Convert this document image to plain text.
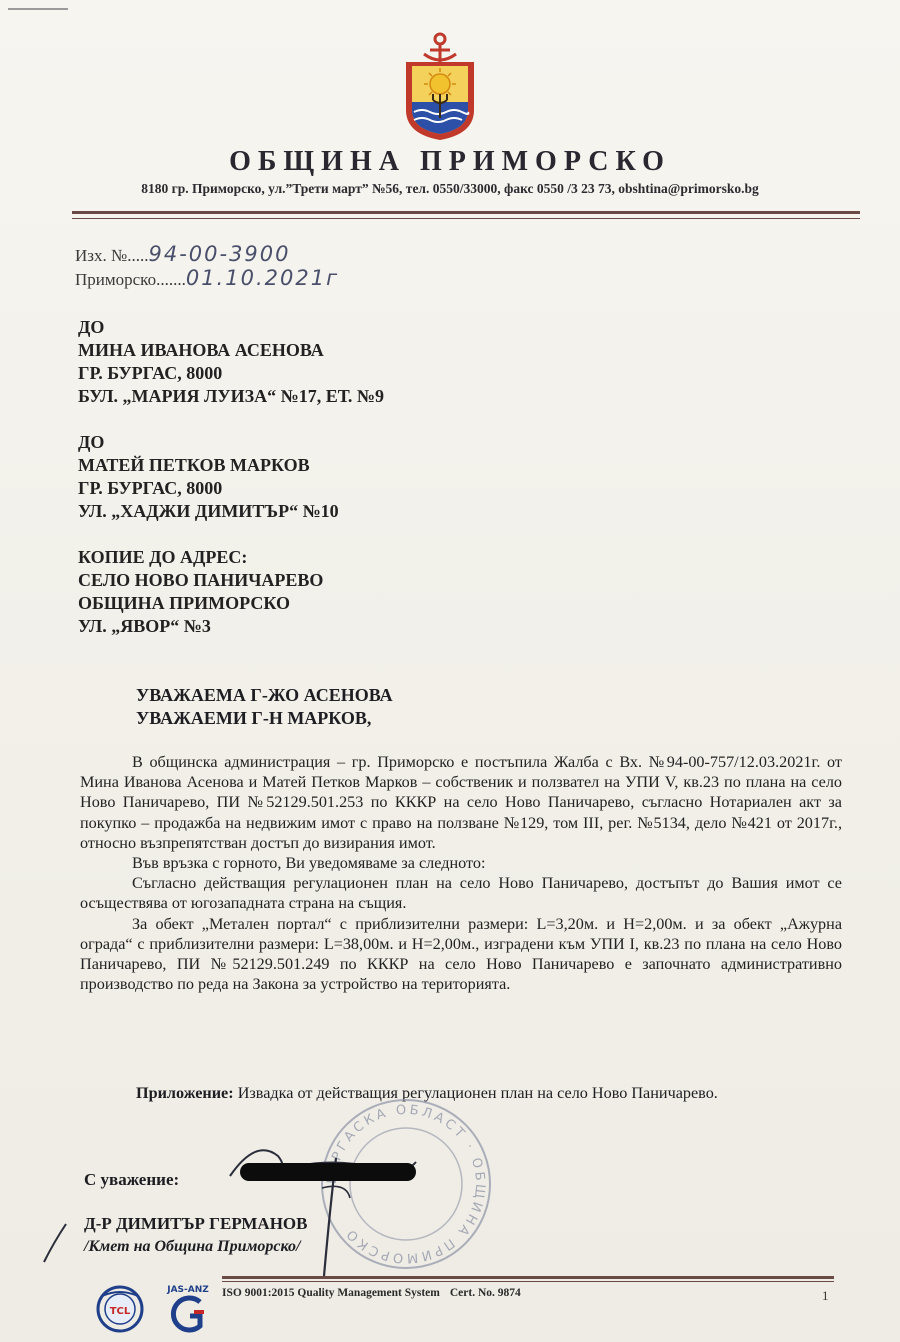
ОБЩИНА ПРИМОРСКО
8180 гр. Приморско, ул.”Трети март” №56, тел. 0550/33000, факс 0550 /3 23 73, obshtina@primorsko.bg
Изх. №.....94-00-3900
Приморско.......01.10.2021г
ДО
МИНА ИВАНОВА АСЕНОВА
ГР. БУРГАС, 8000
БУЛ. „МАРИЯ ЛУИЗА“ №17, ЕТ. №9
ДО
МАТЕЙ ПЕТКОВ МАРКОВ
ГР. БУРГАС, 8000
УЛ. „ХАДЖИ ДИМИТЪР“ №10
КОПИЕ ДО АДРЕС:
СЕЛО НОВО ПАНИЧАРЕВО
ОБЩИНА ПРИМОРСКО
УЛ. „ЯВОР“ №3
УВАЖАЕМА Г-ЖО АСЕНОВА
УВАЖАЕМИ Г-Н МАРКОВ,

В общинска администрация – гр. Приморско е постъпила Жалба с Вх. №94-00-757/12.03.2021г. от Мина Иванова Асенова и Матей Петков Марков – собственик и ползвател на УПИ V, кв.23 по плана на село Ново Паничарево, ПИ №52129.501.253 по КККР на село Ново Паничарево, съгласно Нотариален акт за покупко – продажба на недвижим имот с право на ползване №129, том III, рег. №5134, дело №421 от 2017г., относно възпрепятстван достъп до визирания имот.

Във връзка с горното, Ви уведомяваме за следното:

Съгласно действащия регулационен план на село Ново Паничарево, достъпът до Вашия имот се осъществява от югозападната страна на същия.

За обект „Метален портал“ с приблизителни размери: L=3,20м. и H=2,00м. и за обект „Ажурна ограда“ с приблизителни размери: L=38,00м. и H=2,00м., изградени към УПИ I, кв.23 по плана на село Ново Паничарево, ПИ №52129.501.249 по КККР на село Ново Паничарево е започнато административно производство по реда на Закона за устройство на територията.

Приложение: Извадка от действащия регулационен план на село Ново Паничарево.
РГАСКА ОБЛАСТ · ОБЩИНА ПРИМОРСКО
С уважение:
Д-Р ДИМИТЪР ГЕРМАНОВ
/Кмет на Община Приморско/
TCL
JAS-ANZ ISO 9001:2015 Quality Management System Cert. No. 9874	1
